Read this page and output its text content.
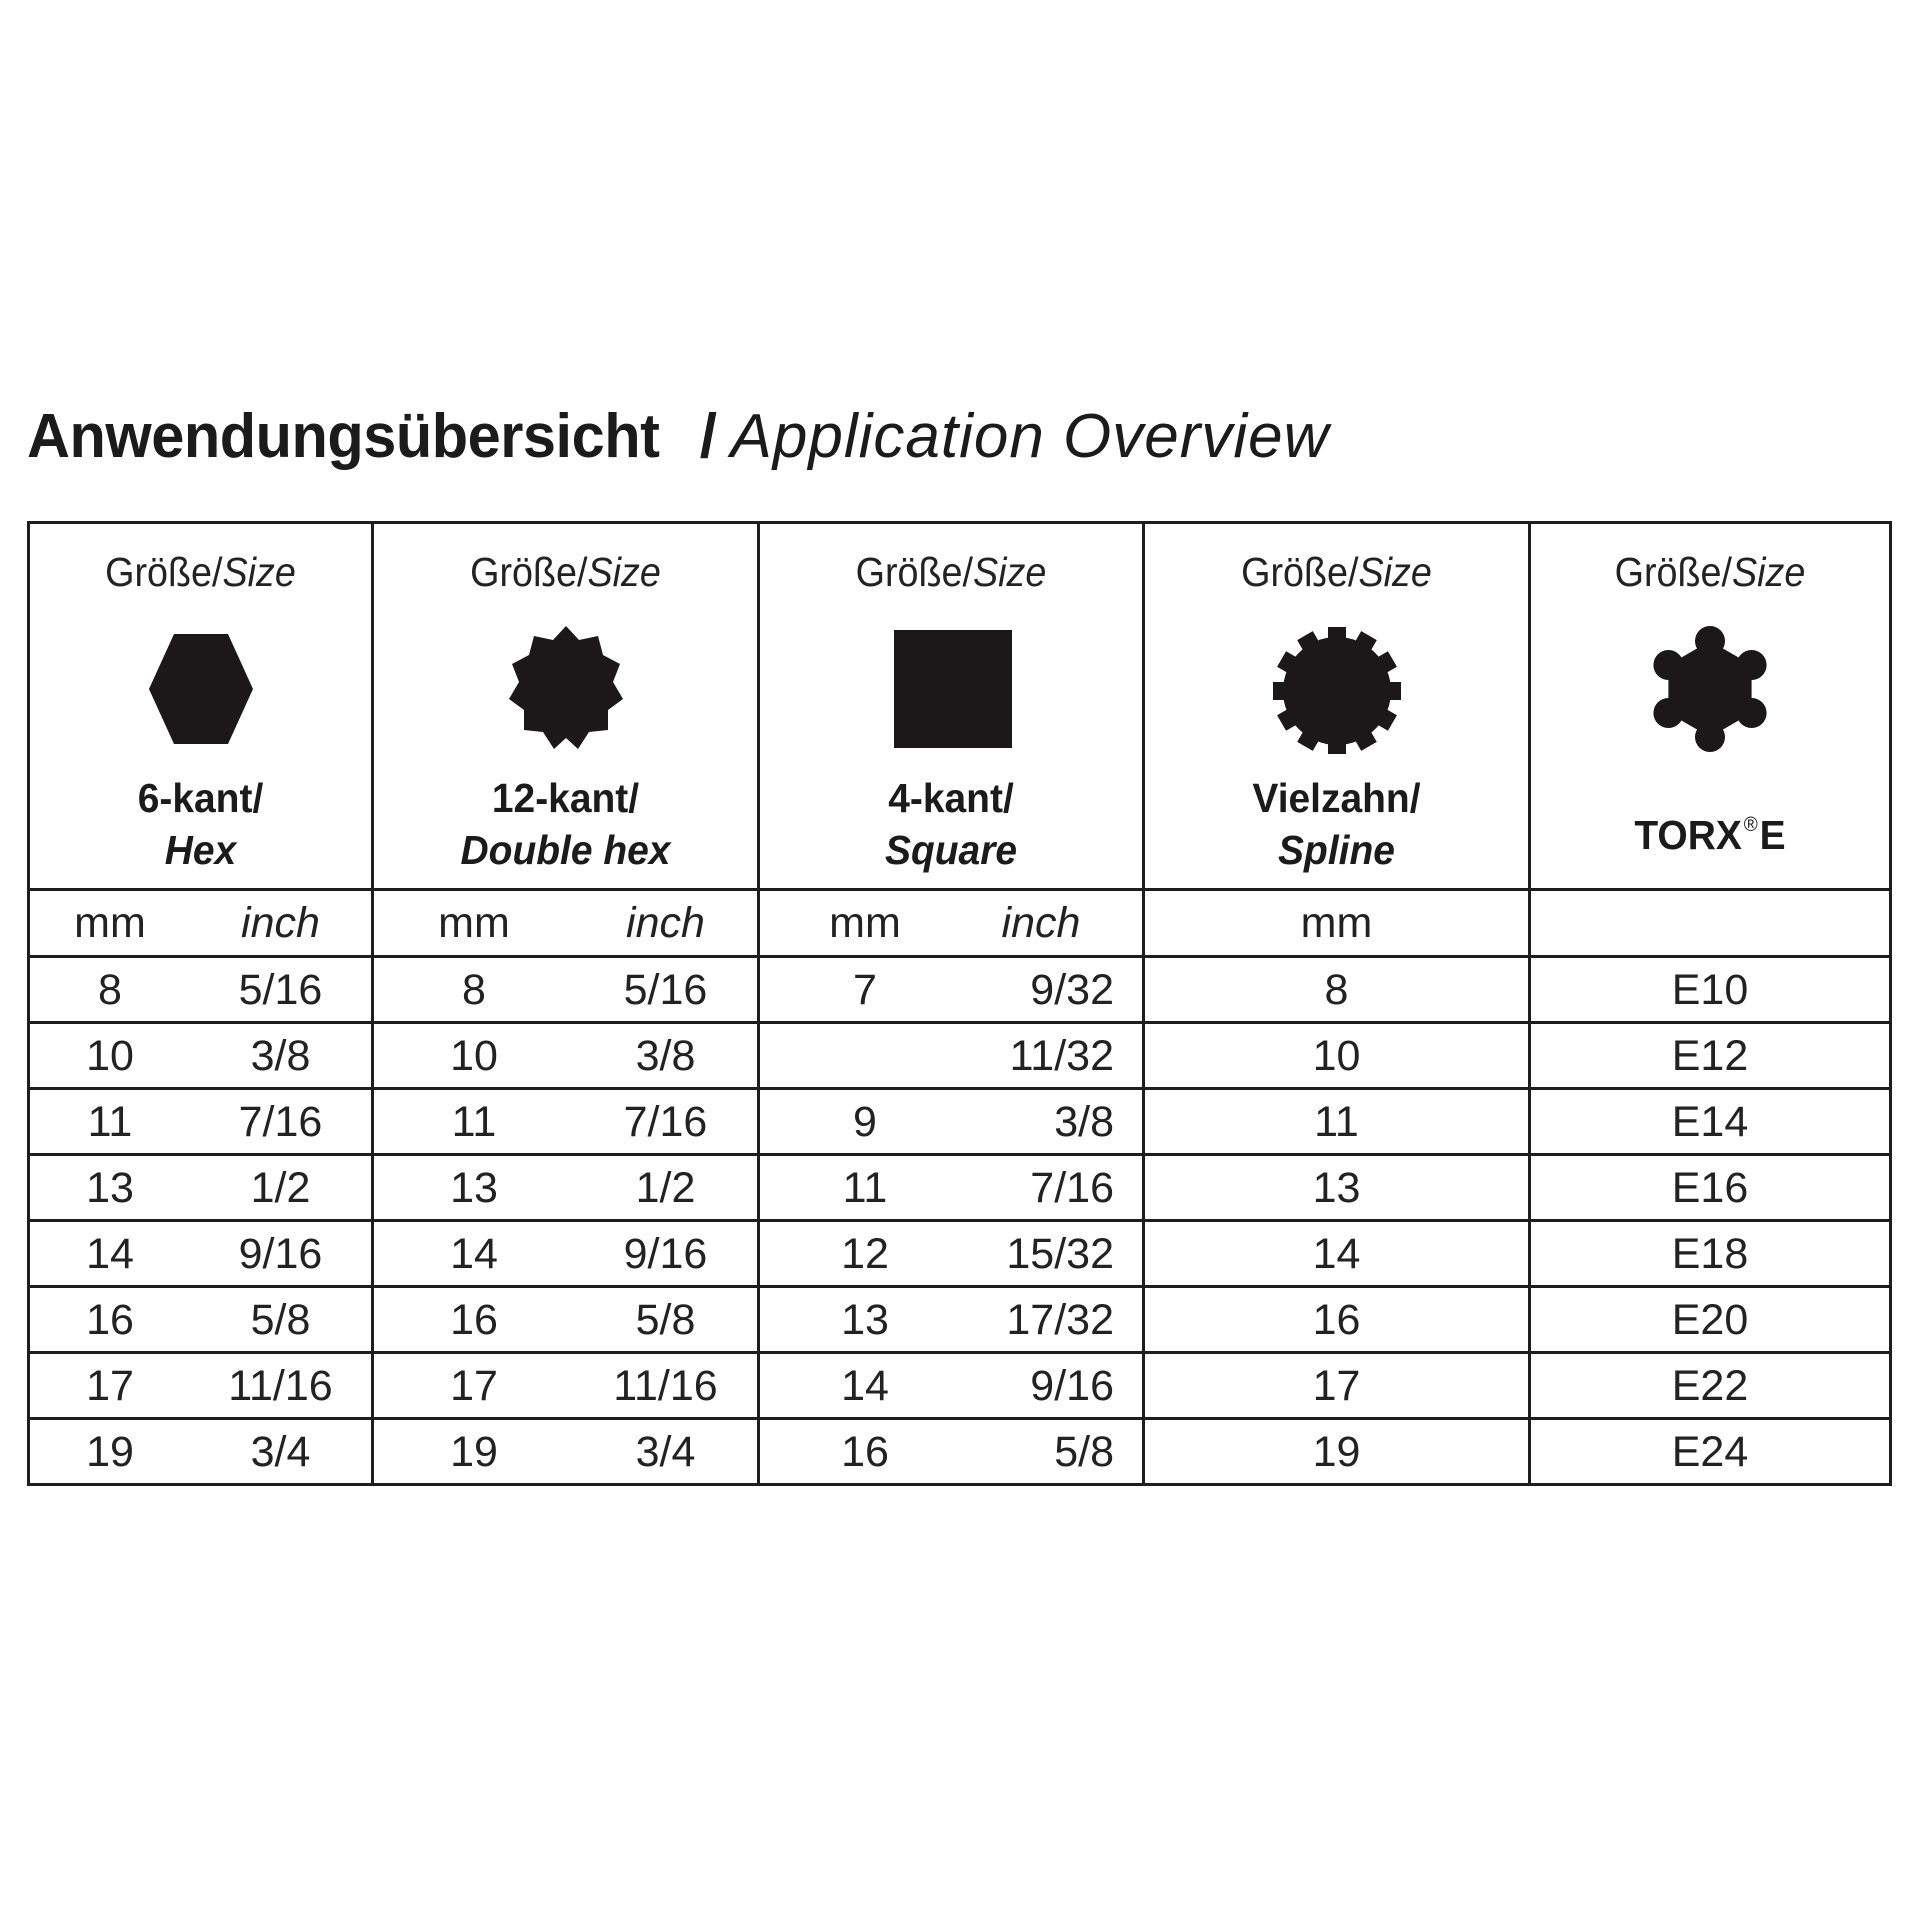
Anwendungsübersicht / Application Overview
Größe/Size
6-kant/
Hex

Größe/Size
12-kant/
Double hex

Größe/Size
4-kant/
Square

Größe/Size
Vielzahn/
Spline

Größe/Size
TORX®E

mm inch	mm inch	mm inch	mm	

8 5/16	8 5/16	7 9/32	8	E10

10 3/8	10 3/8	11/32	10	E12

11 7/16	11 7/16	9 3/8	11	E14

13 1/2	13 1/2	11 7/16	13	E16

14 9/16	14 9/16	12 15/32	14	E18

16 5/8	16 5/8	13 17/32	16	E20

17 11/16	17 11/16	14 9/16	17	E22

19 3/4	19 3/4	16 5/8	19	E24
